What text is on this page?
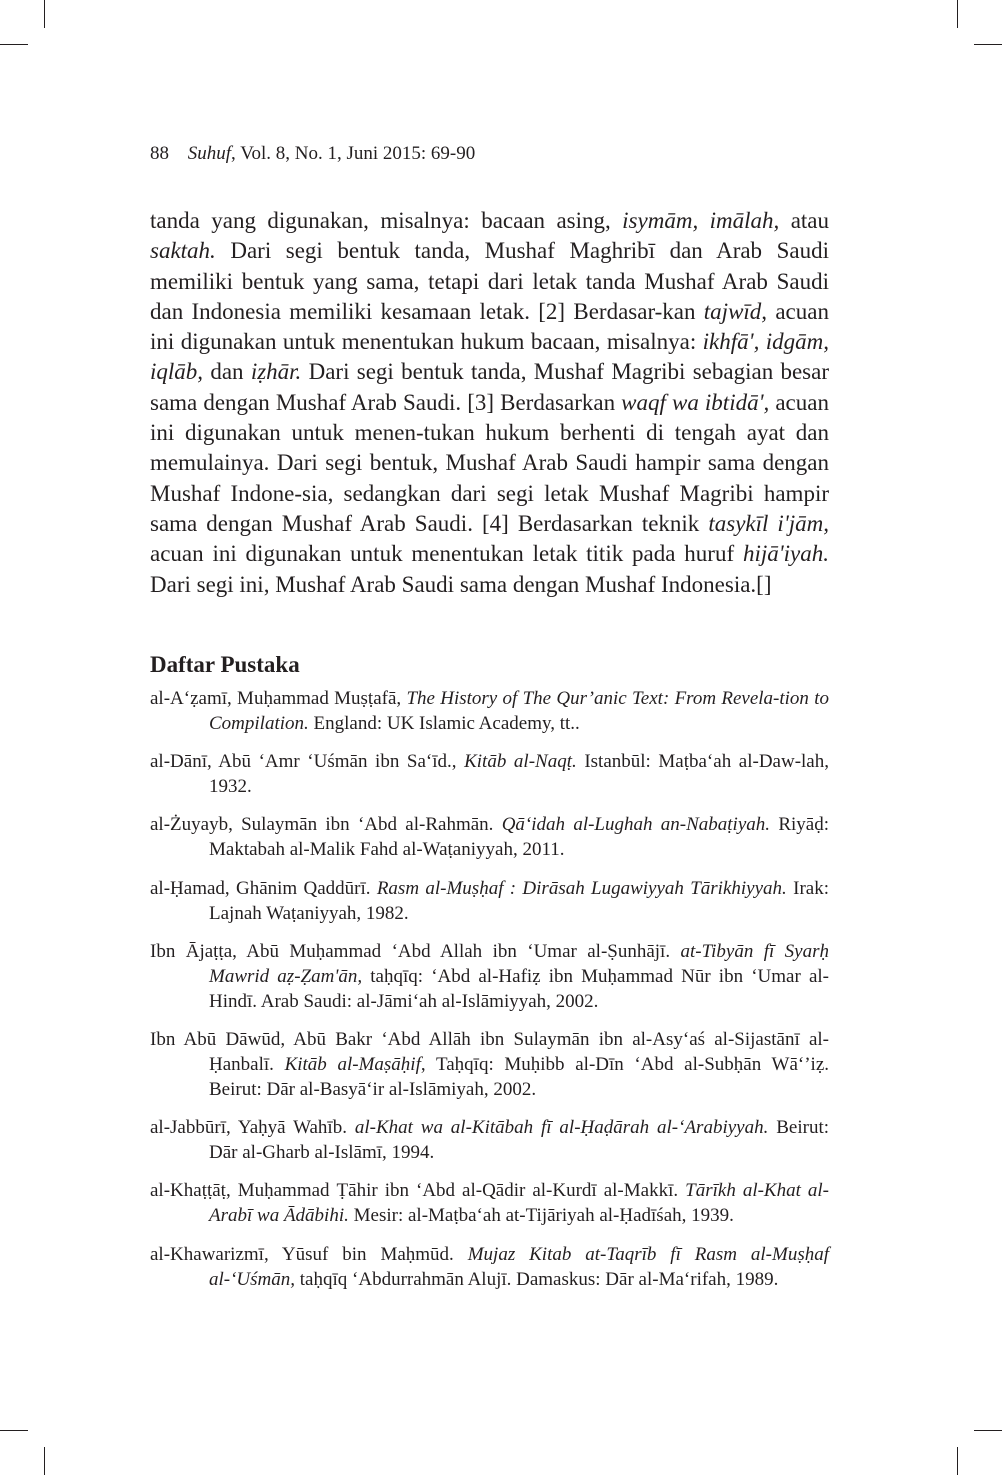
88 Suhuf, Vol. 8, No. 1, Juni 2015: 69-90
tanda yang digunakan, misalnya: bacaan asing, isymām, imālah, atau saktah. Dari segi bentuk tanda, Mushaf Maghribī dan Arab Saudi memiliki bentuk yang sama, tetapi dari letak tanda Mushaf Arab Saudi dan Indonesia memiliki kesamaan letak. [2] Berdasar-kan tajwīd, acuan ini digunakan untuk menentukan hukum bacaan, misalnya: ikhfā', idgām, iqlāb, dan iẓhār. Dari segi bentuk tanda, Mushaf Magribi sebagian besar sama dengan Mushaf Arab Saudi. [3] Berdasarkan waqf wa ibtidā', acuan ini digunakan untuk menen-tukan hukum berhenti di tengah ayat dan memulainya. Dari segi bentuk, Mushaf Arab Saudi hampir sama dengan Mushaf Indone-sia, sedangkan dari segi letak Mushaf Magribi hampir sama dengan Mushaf Arab Saudi. [4] Berdasarkan teknik tasykīl i'jām, acuan ini digunakan untuk menentukan letak titik pada huruf hijā'iyah. Dari segi ini, Mushaf Arab Saudi sama dengan Mushaf Indonesia.[]
Daftar Pustaka
al-A‘ẓamī, Muḥammad Muṣṭafā, The History of The Qur’anic Text: From Revela-tion to Compilation. England: UK Islamic Academy, tt..
al-Dānī, Abū ‘Amr ‘Uśmān ibn Sa‘īd., Kitāb al-Naqṭ. Istanbūl: Maṭba‘ah al-Daw-lah, 1932.
al-Żuyayb, Sulaymān ibn ‘Abd al-Rahmān. Qā‘idah al-Lughah an-Nabaṭiyah. Riyāḍ: Maktabah al-Malik Fahd al-Waṭaniyyah, 2011.
al-Ḥamad, Ghānim Qaddūrī. Rasm al-Muṣḥaf : Dirāsah Lugawiyyah Tārikhiyyah. Irak: Lajnah Waṭaniyyah, 1982.
Ibn Ājaṭṭa, Abū Muḥammad ‘Abd Allah ibn ‘Umar al-Ṣunhājī. at-Tibyān fī Syarḥ Mawrid aẓ-Ẓam'ān, taḥqīq: ‘Abd al-Hafiẓ ibn Muḥammad Nūr ibn ‘Umar al-Hindī. Arab Saudi: al-Jāmi‘ah al-Islāmiyyah, 2002.
Ibn Abū Dāwūd, Abū Bakr ‘Abd Allāh ibn Sulaymān ibn al-Asy‘aś al-Sijastānī al-Ḥanbalī. Kitāb al-Maṣāḥif, Taḥqīq: Muḥibb al-Dīn ‘Abd al-Subḥān Wā‘’iẓ. Beirut: Dār al-Basyā‘ir al-Islāmiyah, 2002.
al-Jabbūrī, Yaḥyā Wahīb. al-Khat wa al-Kitābah fī al-Ḥaḍārah al-‘Arabiyyah. Beirut: Dār al-Gharb al-Islāmī, 1994.
al-Khaṭṭāṭ, Muḥammad Ṭāhir ibn ‘Abd al-Qādir al-Kurdī al-Makkī. Tārīkh al-Khat al-Arabī wa Ādābihi. Mesir: al-Maṭba‘ah at-Tijāriyah al-Ḥadīśah, 1939.
al-Khawarizmī, Yūsuf bin Maḥmūd. Mujaz Kitab at-Taqrīb fī Rasm al-Muṣḥaf al-‘Uśmān, taḥqīq ‘Abdurrahmān Alujī. Damaskus: Dār al-Ma‘rifah, 1989.
